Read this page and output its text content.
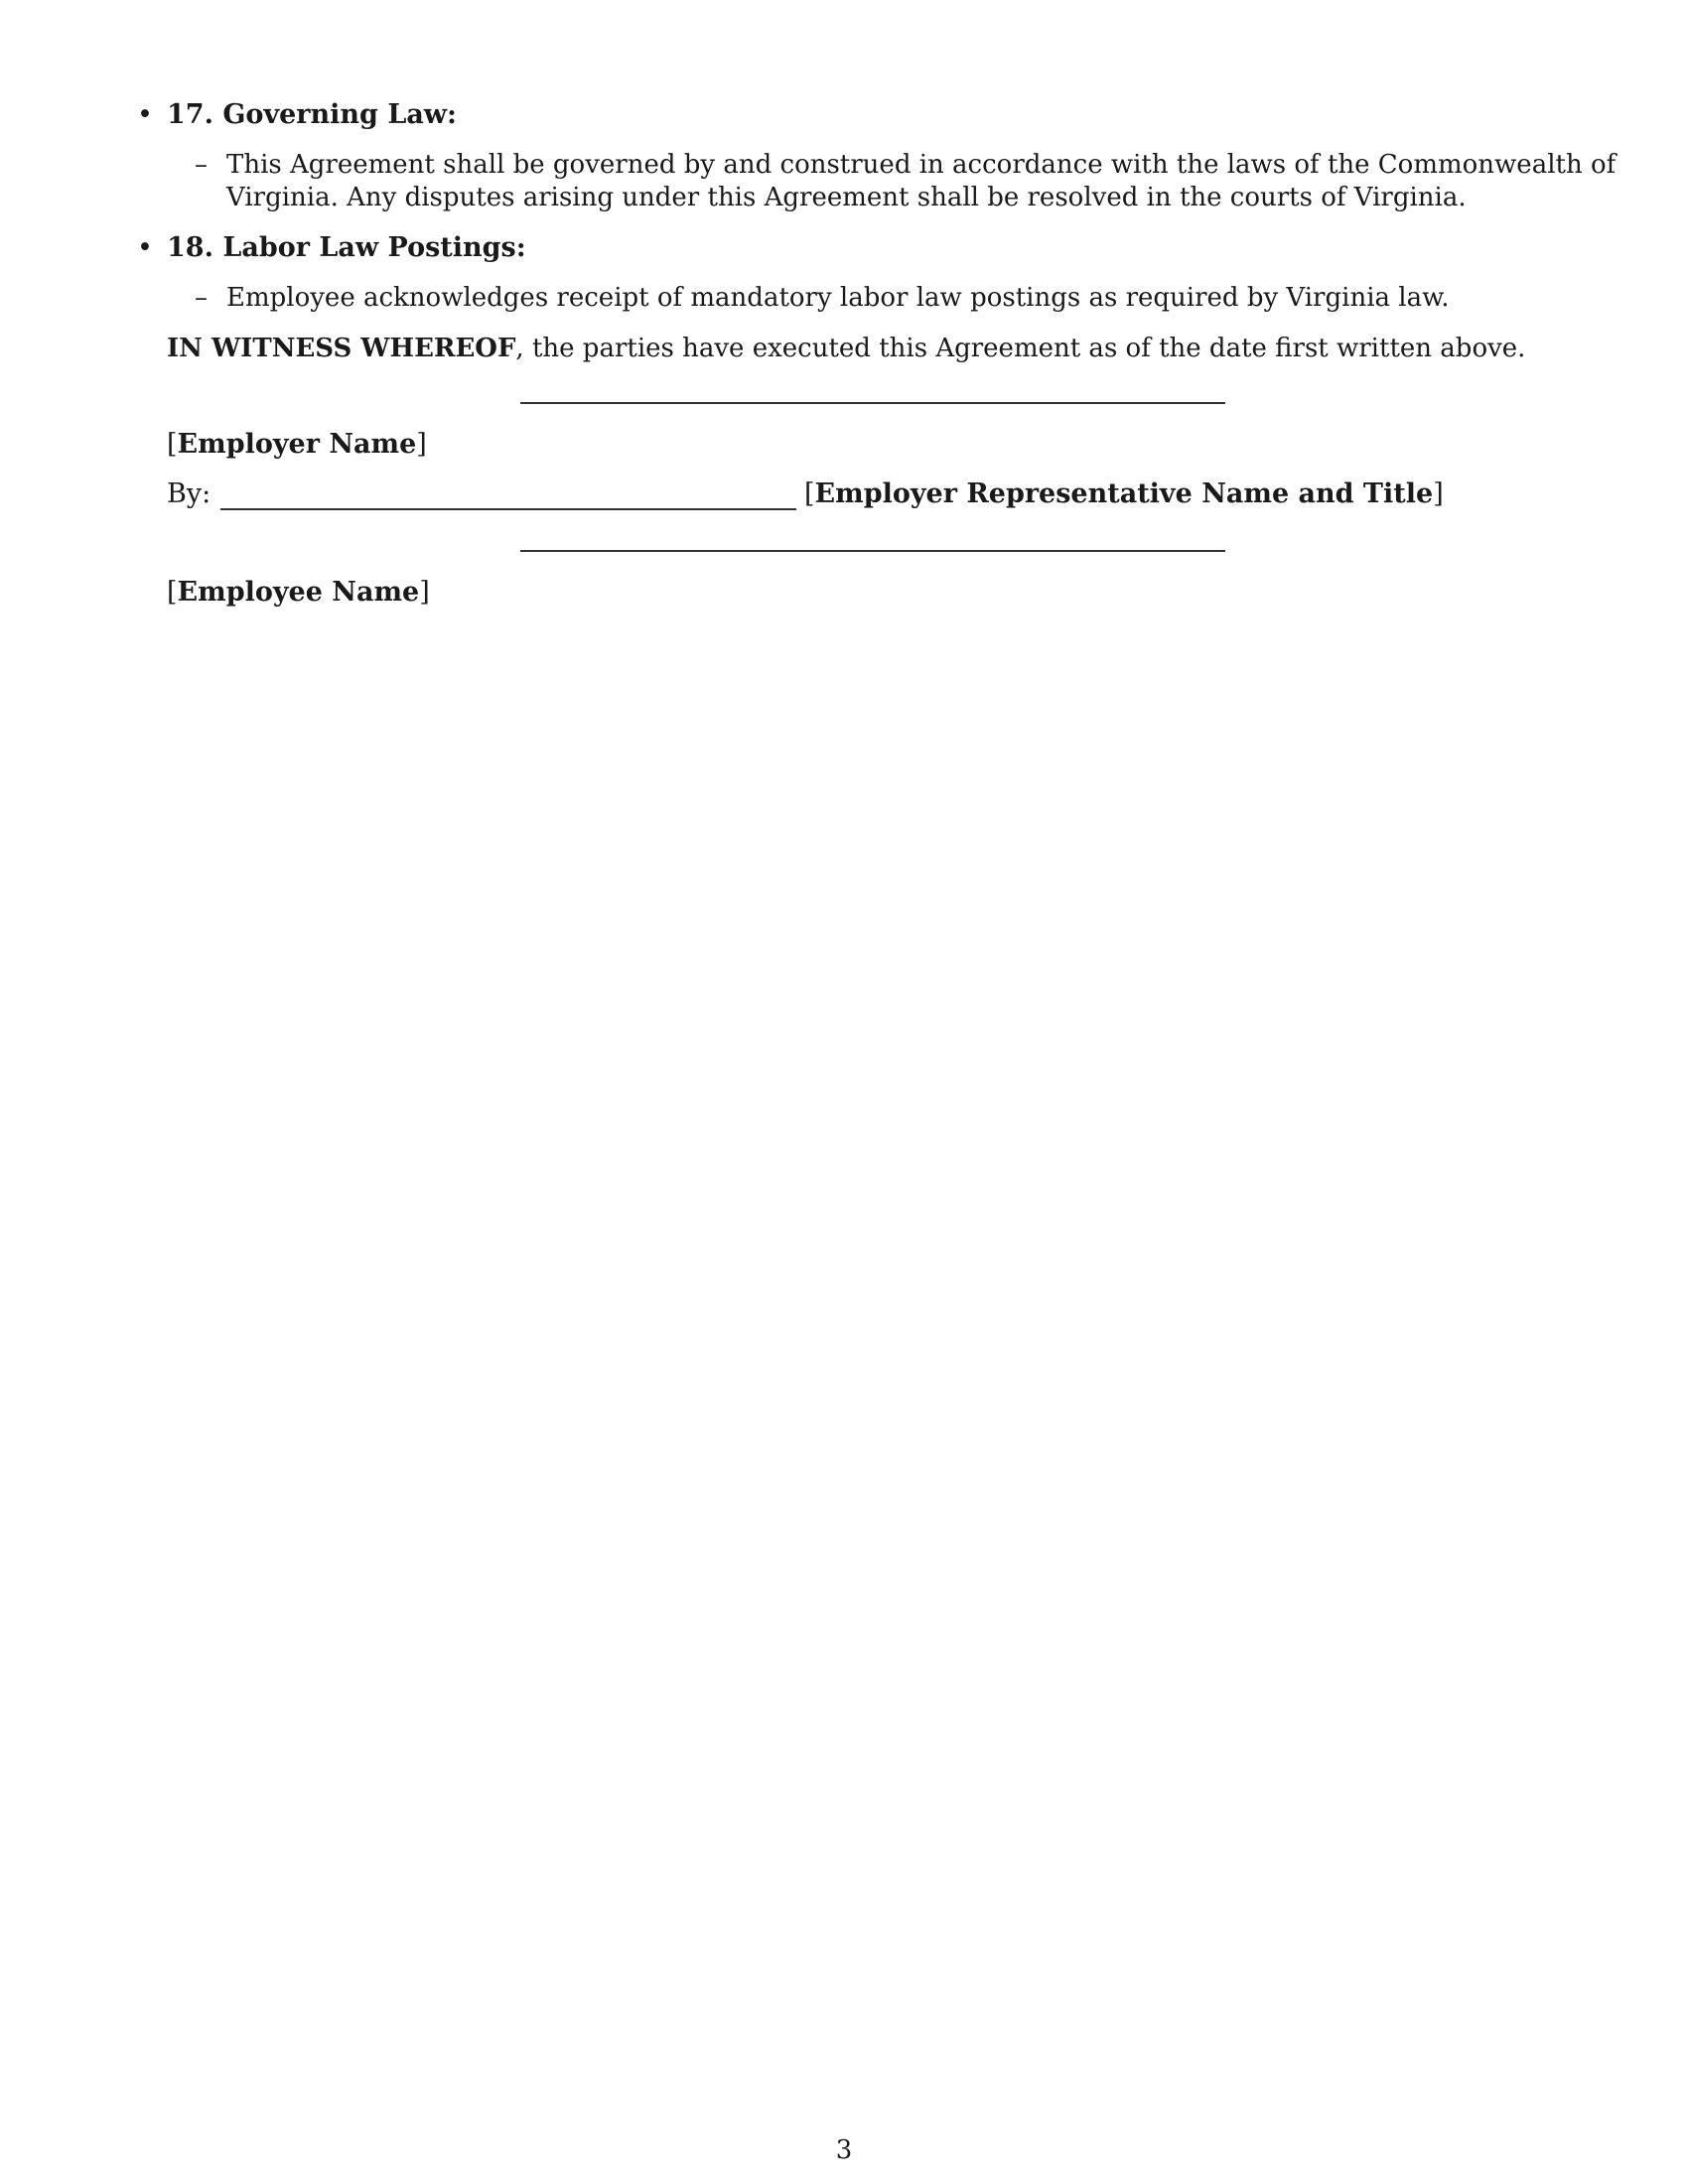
• 17. Governing Law:
– This Agreement shall be governed by and construed in accordance with the laws of the Commonwealth of Virginia. Any disputes arising under this Agreement shall be resolved in the courts of Virginia.
• 18. Labor Law Postings:
– Employee acknowledges receipt of mandatory labor law postings as required by Virginia law.
IN WITNESS WHEREOF, the parties have executed this Agreement as of the date first written above.
[Employer Name]
By:	[Employer Representative Name and Title]
[Employee Name]
3
